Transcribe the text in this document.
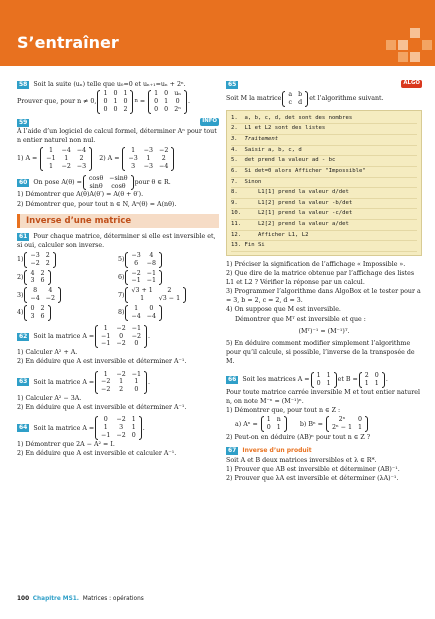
S’entraîner
58 Soit la suite (uₙ) telle que u₀=0 et uₙ₊₁=uₙ + 2ⁿ.
Prouver que, pour n ≠ 0,
1	0	1
0	1	0
0	0	2
n =
1	0	uₙ
0	1	0
0	0	2ⁿ
.
59	INFO
À l’aide d’un logiciel de calcul formel, déterminer Aⁿ pour tout n entier naturel non nul.
1) A =
1	−4	−4
−1	1	2
1	−2	−3
2) A =
1	−3	−2
−3	1	2
3	−3	−4
60 On pose A(θ) =
cosθ	−sinθ
sinθ	cosθ
pour θ ∈ R.
1) Démontrer que A(θ)A(θ′) = A(θ + θ′).
2) Démontrer que, pour tout n ∈ N, Aⁿ(θ) = A(nθ).
Inverse d’une matrice
61 Pour chaque matrice, déterminer si elle est inversible et, si oui, calculer son inverse.
1)
−3	2
−2	2
5)
−3	4
6	−8
2)
4	2
3	6
6)
−2	−1
−1	−1
3)
8	4
−4	−2
7)
√3 + 1	2
1	√3 − 1
4)
0	2
3	6
8)
1	0
−4	−4
62 Soit la matrice A =
1	−2	−1
−1	0	−2
−1	−2	0
.
1) Calculer A² + A.
2) En déduire que A est inversible et déterminer A⁻¹.
63 Soit la matrice A =
1	−2	−1
−2	1	1
−2	2	0
.
1) Calculer A² − 3A.
2) En déduire que A est inversible et déterminer A⁻¹.
64 Soit la matrice A =
0	−2	1
1	3	1
−1	−2	0
.
1) Démontrer que 2A − A² = I.
2) En déduire que A est inversible et calculer A⁻¹.
65	ALGO
Soit M la matrice
a	b
c	d
et l’algorithme suivant.
1.  a, b, c, d, det sont des nombres
2.  L1 et L2 sont des listes
3.  Traitement
4.  Saisir a, b, c, d
5.  det prend la valeur ad - bc
6.  Si det=0 alors Afficher "Impossible"
7.  Sinon
8.      L1[1] prend la valeur d/det
9.      L1[2] prend la valeur -b/det
10.     L2[1] prend la valeur -c/det
11.     L2[2] prend la valeur a/det
12.     Afficher L1, L2
13. Fin Si
1) Préciser la signification de l’affichage « Impossible ».
2) Que dire de la matrice obtenue par l’affichage des listes L1 et L2 ? Vérifier la réponse par un calcul.
3) Programmer l’algorithme dans AlgoBox et le tester pour a = 3, b = 2, c = 2, d = 3.
4) On suppose que M est inversible.
Démontrer que Mᵀ est inversible et que :
(Mᵀ)⁻¹ = (M⁻¹)ᵀ.
5) En déduire comment modifier simplement l’algorithme pour qu’il calcule, si possible, l’inverse de la transposée de M.
66 Soit les matrices A =
1	1
0	1
et B =
2	0
1	1
.
Pour toute matrice carrée inversible M et tout entier naturel n, on note M⁻ⁿ = (M⁻¹)ⁿ.
1) Démontrer que, pour tout n ∈ Z :
a) Aⁿ =
1	n
0	1
b) Bⁿ =
2ⁿ	0
2ⁿ − 1	1
2) Peut-on en déduire (AB)ⁿ pour tout n ∈ Z ?
67 Inverse d’un produit
Soit A et B deux matrices inversibles et λ ∈ R*.
1) Prouver que AB est inversible et déterminer (AB)⁻¹.
2) Prouver que λA est inversible et déterminer (λA)⁻¹.
100 Chapitre MS1. Matrices : opérations
